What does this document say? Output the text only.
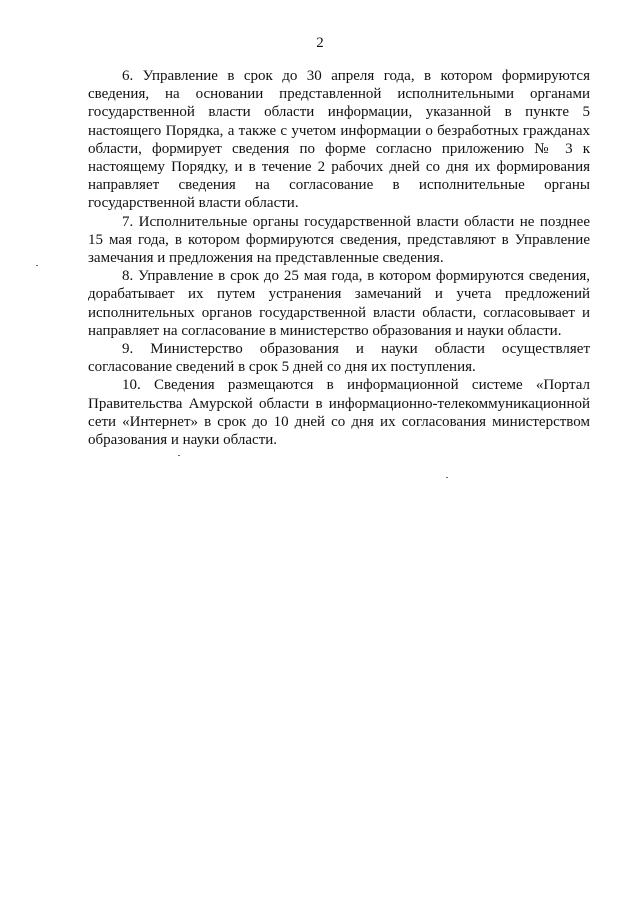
2

6. Управление в срок до 30 апреля года, в котором формируются сведения, на основании представленной исполнительными органами государственной власти области информации, указанной в пункте 5 настоящего Порядка, а также с учетом информации о безработных гражданах области, формирует сведения по форме согласно приложению № 3 к настоящему Порядку, и в течение 2 рабочих дней со дня их формирования направляет сведения на согласование в исполнительные органы государственной власти области.

7. Исполнительные органы государственной власти области не позднее 15 мая года, в котором формируются сведения, представляют в Управление замечания и предложения на представленные сведения.

8. Управление в срок до 25 мая года, в котором формируются сведения, дорабатывает их путем устранения замечаний и учета предложений исполнительных органов государственной власти области, согласовывает и направляет на согласование в министерство образования и науки области.

9. Министерство образования и науки области осуществляет согласование сведений в срок 5 дней со дня их поступления.

10. Сведения размещаются в информационной системе «Портал Правительства Амурской области в информационно-телекоммуникационной сети «Интернет» в срок до 10 дней со дня их согласования министерством образования и науки области.
